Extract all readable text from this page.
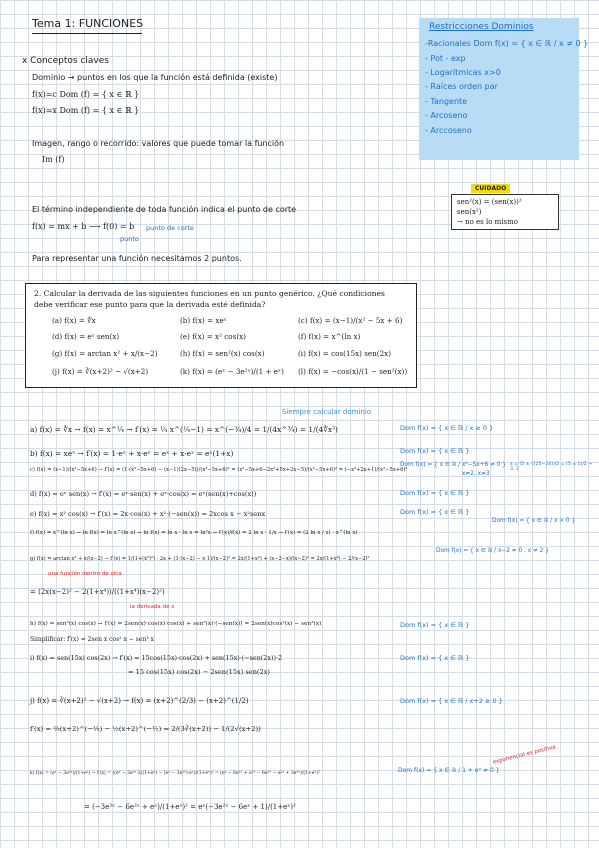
Tema 1: FUNCIONES
x Conceptos claves
Dominio → puntos en los que la función está definida (existe)
f(x)=c Dom (f) = { x ∈ ℝ }
f(x)=x Dom (f) = { x ∈ ℝ }
Imagen, rango o recorrido: valores que puede tomar la función
Im (f)
Restricciones Dominios
-Racionales Dom f(x) = { x ∈ ℝ / x ≠ 0 }
- Pot - exp
- Logarítmicas x>0
- Raíces orden par
- Tangente
- Arcoseno
- Arccoseno
CUIDADO
sen²(x) = (sen(x))²
sen(x²)
→ no es lo mismo
El término independiente de toda función indica el punto de corte
f(x) = mx + b ⟶ f(0) = b punto de corte
punto
Para representar una función necesitamos 2 puntos.
2. Calcular la derivada de las siguientes funciones en un punto genérico. ¿Qué condiciones debe verificar ese punto para que la derivada esté definida?
(a) f(x) = ∜x	(b) f(x) = xeˣ	(c) f(x) = (x−1)/(x² − 5x + 6)
(d) f(x) = eˣ sen(x)	(e) f(x) = x² cos(x)	(f) f(x) = x^(ln x)
(g) f(x) = arctan x² + x/(x−2)	(h) f(x) = sen²(x) cos(x)	(i) f(x) = cos(15x) sen(2x)
(j) f(x) = ∛(x+2)² − √(x+2)	(k) f(x) = (eˣ − 3e²ˣ)/(1 + eˣ) (l) f(x) = −cos(x)/(1 − sen²(x))
Siempre calcular dominio
a) f(x) = ∜x → f(x) = x^¼ → f′(x) = ¼ x^(¼−1) = x^(−¾)/4 = 1/(4x^¾) = 1/(4∜x³)	Dom f(x) = { x ∈ ℝ / x ≥ 0 }
b) f(x) = xeˣ → f′(x) = 1·eˣ + x·eˣ = eˣ + x·eˣ = eˣ(1+x)	Dom f(x) = { x ∈ ℝ }
c) f(x) = (x−1)/(x²−5x+6) → f′(x) = (1·(x²−5x+6) − (x−1)(2x−5))/(x²−5x+6)² = (x²−5x+6−2x²+5x+2x−5)/(x²−5x+6)² = (−x²+2x+1)/(x²−5x+6)²
Dom f(x) = { x ∈ ℝ / x²−5x+6 ≠ 0 }
x≠2, x≠3
x = (5 ± √(25−24))/2 = (5 ± 1)/2 → 3, 2
d) f(x) = eˣ sen(x) → f′(x) = eˣ·sen(x) + eˣ·cos(x) = eˣ(sen(x)+cos(x))	Dom f(x) = { x ∈ ℝ }
e) f(x) = x² cos(x) → f′(x) = 2x·cos(x) + x²·(−sen(x)) = 2xcos x − x²senx	Dom f(x) = { x ∈ ℝ }
f) f(x) = x^(ln x) → ln f(x) = ln x^(ln x) → ln f(x) = ln x · ln x = ln²x → f′(x)/f(x) = 2 ln x · 1/x → f′(x) = (2 ln x / x) · x^(ln x)
Dom f(x) = { x ∈ ℝ / x > 0 }
g) f(x) = arctan x² + x/(x−2) → f′(x) = 1/(1+(x²)²) · 2x + (1·(x−2) − x·1)/(x−2)² = 2x/(1+x⁴) + (x−2−x)/(x−2)² = 2x/(1+x⁴) − 2/(x−2)²
Dom f(x) = { x ∈ ℝ / x−2 ≠ 0 , x ≠ 2 }
una función dentro de otra
= (2x(x−2)² − 2(1+x⁴))/((1+x⁴)(x−2)²)
la derivada de x
h) f(x) = sen²(x) cos(x) → f′(x) = 2sen(x)·cos(x)·cos(x) + sen²(x)·(−sen(x)) = 2sen(x)cos²(x) − sen³(x)	Dom f(x) = { x ∈ ℝ }
Simplificar: f′(x) = 2sen x cos² x − sen³ x
i) f(x) = sen(15x) cos(2x) → f′(x) = 15cos(15x)·cos(2x) + sen(15x)·(−sen(2x))·2
= 15 cos(15x) cos(2x) − 2sen(15x) sen(2x)
Dom f(x) = { x ∈ ℝ }
j) f(x) = ∛(x+2)² − √(x+2) → f(x) = (x+2)^(2/3) − (x+2)^(1/2)	Dom f(x) = { x ∈ ℝ / x+2 ≥ 0 }
f′(x) = ⅔(x+2)^(−⅓) − ½(x+2)^(−½) = 2/(3∛(x+2)) − 1/(2√(x+2))
k) f(x) = (eˣ − 3e²ˣ)/(1+eˣ) → f′(x) = ((eˣ − 3e²ˣ·2)(1+eˣ) − (eˣ − 3e²ˣ)·eˣ)/(1+eˣ)² = (eˣ − 6e²ˣ + e²ˣ − 6e³ˣ − e²ˣ + 3e³ˣ)/(1+eˣ)²	Dom f(x) = { x ∈ ℝ / 1 + eˣ ≠ 0 }
exponencial es positiva
= (−3e³ˣ − 6e²ˣ + eˣ)/(1+eˣ)² = eˣ(−3e²ˣ − 6eˣ + 1)/(1+eˣ)²
